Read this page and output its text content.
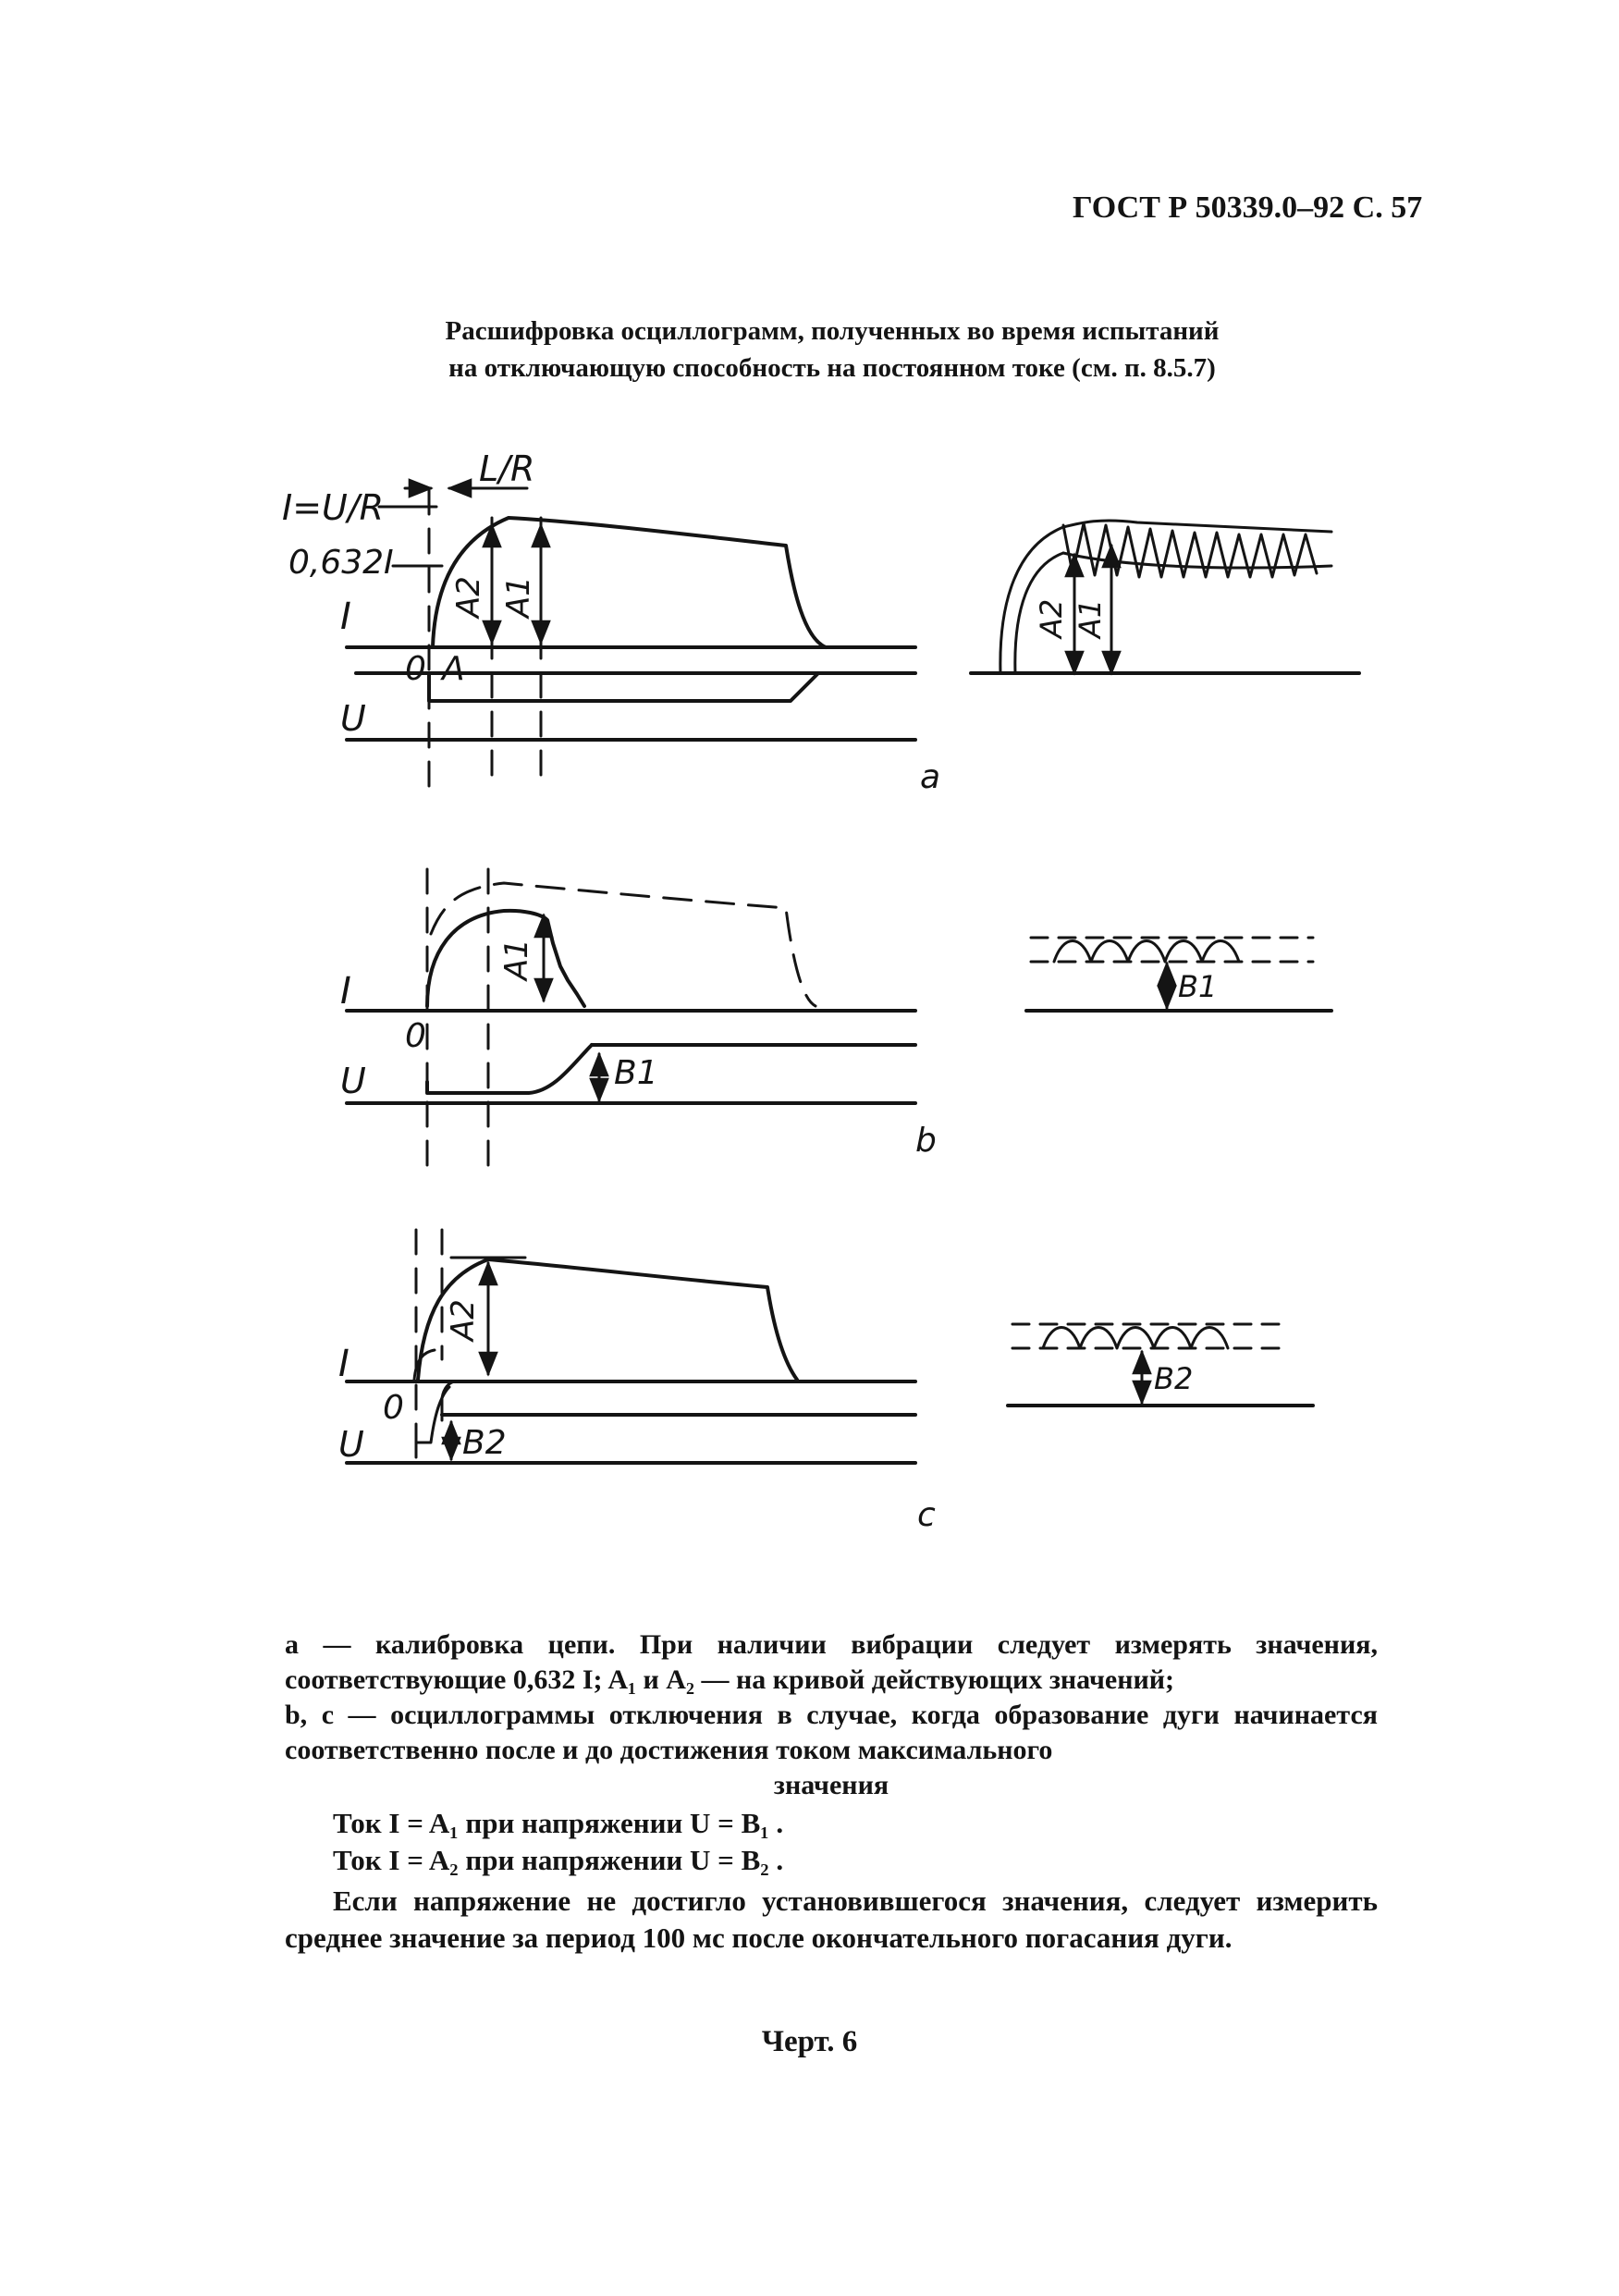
ГОСТ Р 50339.0–92 С. 57
Расшифровка осциллограмм, полученных во время испытаний
на отключающую способность на постоянном токе (см. п. 8.5.7)
L/R
I=U/R
0,632I
I	A2 A1
0 A
U
a
A2 A1
A1
I
0
B1
U
b
B1
A2
I
0
B2
U
c
B2
а — калибровка цепи. При наличии вибрации следует измерять значения, соответствующие 0,632 I; A₁ и A₂ — на кривой действующих значений;
b, c — осциллограммы отключения в случае, когда образование дуги начинается соответственно после и до достижения током максимального
значения
Ток I = A₁ при напряжении U = B₁ .
Ток I = A₂ при напряжении U = B₂ .
Если напряжение не достигло установившегося значения, следует измерить среднее значение за период 100 мс после окончательного погасания дуги.
Черт. 6
